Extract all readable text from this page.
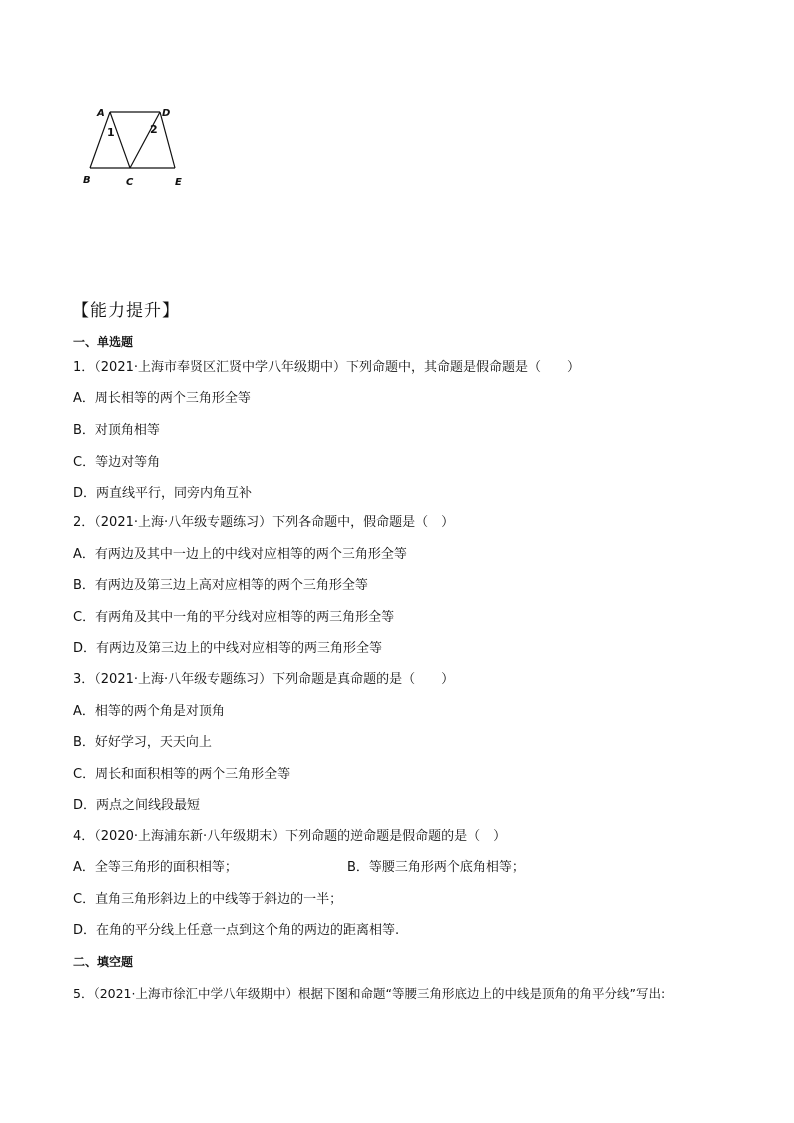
A	D
B	C	E
1	2
【能力提升】
一、单选题
1．（2021·上海市奉贤区汇贤中学八年级期中）下列命题中，其命题是假命题是（　　）
A．周长相等的两个三角形全等
B．对顶角相等
C．等边对等角
D．两直线平行，同旁内角互补
2．（2021·上海·八年级专题练习）下列各命题中，假命题是（　）
A．有两边及其中一边上的中线对应相等的两个三角形全等
B．有两边及第三边上高对应相等的两个三角形全等
C．有两角及其中一角的平分线对应相等的两三角形全等
D．有两边及第三边上的中线对应相等的两三角形全等
3．（2021·上海·八年级专题练习）下列命题是真命题的是（　　）
A．相等的两个角是对顶角
B．好好学习，天天向上
C．周长和面积相等的两个三角形全等
D．两点之间线段最短
4．（2020·上海浦东新·八年级期末）下列命题的逆命题是假命题的是（　）
A．全等三角形的面积相等；	B．等腰三角形两个底角相等；
C．直角三角形斜边上的中线等于斜边的一半；
D．在角的平分线上任意一点到这个角的两边的距离相等.
二、填空题
5．（2021·上海市徐汇中学八年级期中）根据下图和命题“等腰三角形底边上的中线是顶角的角平分线”写出:
